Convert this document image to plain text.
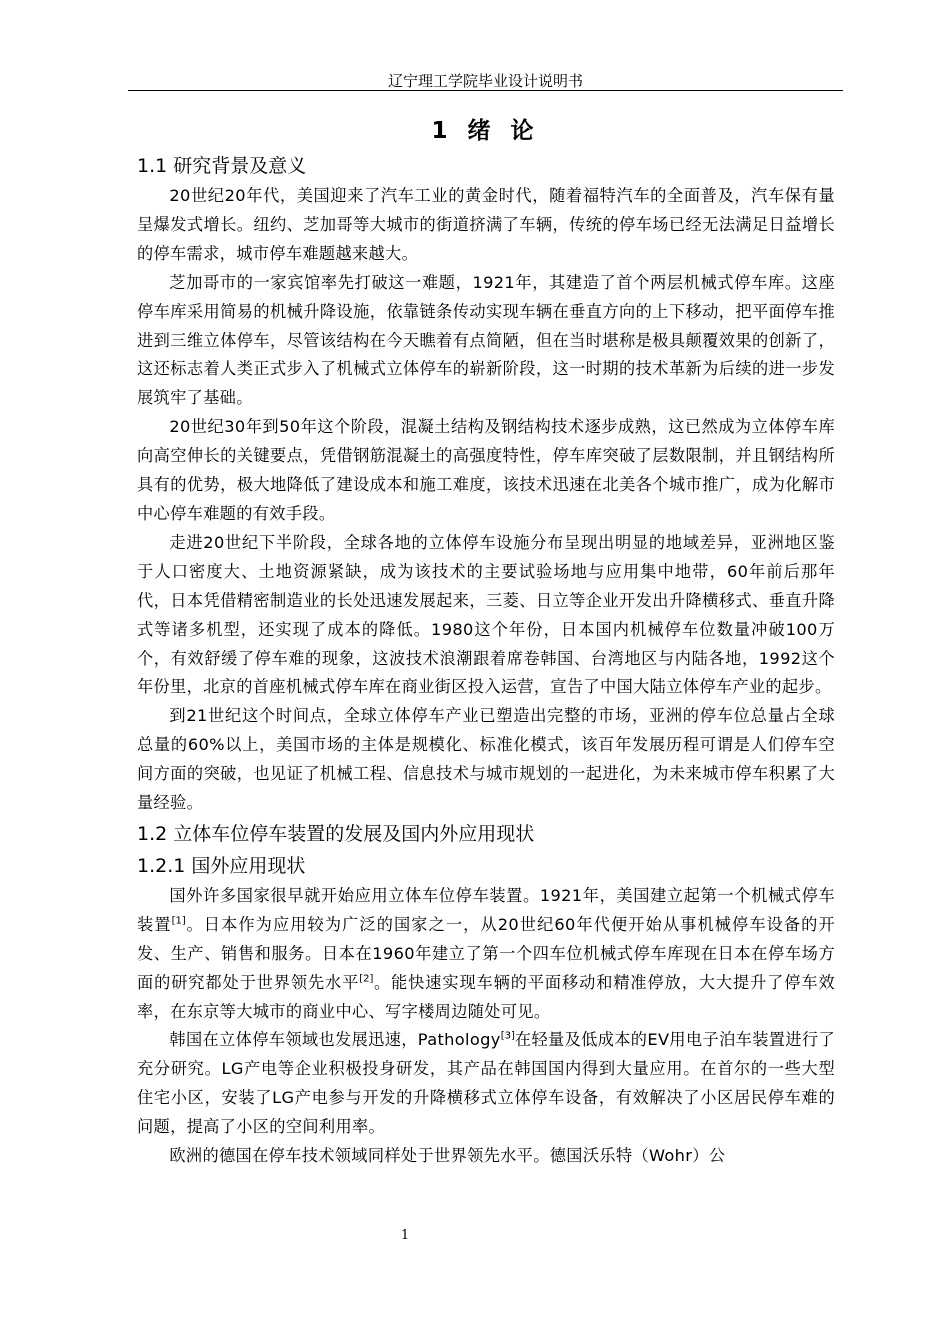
辽宁理工学院毕业设计说明书
1 绪 论

1.1 研究背景及意义

20世纪20年代，美国迎来了汽车工业的黄金时代，随着福特汽车的全面普及，汽车保有量呈爆发式增长。纽约、芝加哥等大城市的街道挤满了车辆，传统的停车场已经无法满足日益增长的停车需求，城市停车难题越来越大。

芝加哥市的一家宾馆率先打破这一难题，1921年，其建造了首个两层机械式停车库。这座停车库采用简易的机械升降设施，依靠链条传动实现车辆在垂直方向的上下移动，把平面停车推进到三维立体停车，尽管该结构在今天瞧着有点简陋，但在当时堪称是极具颠覆效果的创新了，这还标志着人类正式步入了机械式立体停车的崭新阶段，这一时期的技术革新为后续的进一步发展筑牢了基础。

20世纪30年到50年这个阶段，混凝土结构及钢结构技术逐步成熟，这已然成为立体停车库向高空伸长的关键要点，凭借钢筋混凝土的高强度特性，停车库突破了层数限制，并且钢结构所具有的优势，极大地降低了建设成本和施工难度，该技术迅速在北美各个城市推广，成为化解市中心停车难题的有效手段。

走进20世纪下半阶段，全球各地的立体停车设施分布呈现出明显的地域差异，亚洲地区鉴于人口密度大、土地资源紧缺，成为该技术的主要试验场地与应用集中地带，60年前后那年代，日本凭借精密制造业的长处迅速发展起来，三菱、日立等企业开发出升降横移式、垂直升降式等诸多机型，还实现了成本的降低。1980这个年份，日本国内机械停车位数量冲破100万个，有效舒缓了停车难的现象，这波技术浪潮跟着席卷韩国、台湾地区与内陆各地，1992这个年份里，北京的首座机械式停车库在商业街区投入运营，宣告了中国大陆立体停车产业的起步。

到21世纪这个时间点，全球立体停车产业已塑造出完整的市场，亚洲的停车位总量占全球总量的60%以上，美国市场的主体是规模化、标准化模式，该百年发展历程可谓是人们停车空间方面的突破，也见证了机械工程、信息技术与城市规划的一起进化，为未来城市停车积累了大量经验。

1.2 立体车位停车装置的发展及国内外应用现状

1.2.1 国外应用现状

国外许多国家很早就开始应用立体车位停车装置。1921年，美国建立起第一个机械式停车装置[1]。日本作为应用较为广泛的国家之一，从20世纪60年代便开始从事机械停车设备的开发、生产、销售和服务。日本在1960年建立了第一个四车位机械式停车库现在日本在停车场方面的研究都处于世界领先水平[2]。能快速实现车辆的平面移动和精准停放，大大提升了停车效率，在东京等大城市的商业中心、写字楼周边随处可见。

韩国在立体停车领域也发展迅速，Pathology[3]在轻量及低成本的EV用电子泊车装置进行了充分研究。LG产电等企业积极投身研发，其产品在韩国国内得到大量应用。在首尔的一些大型住宅小区，安装了LG产电参与开发的升降横移式立体停车设备，有效解决了小区居民停车难的问题，提高了小区的空间利用率。

欧洲的德国在停车技术领域同样处于世界领先水平。德国沃乐特（Wohr）公

1
